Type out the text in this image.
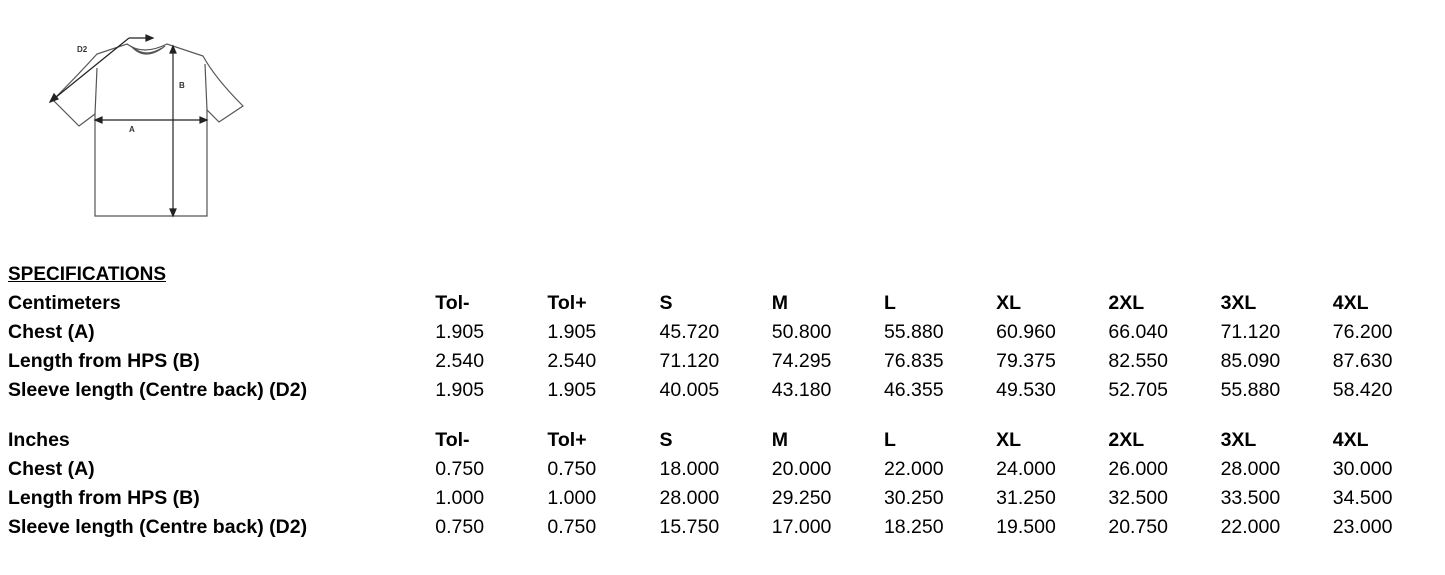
D2
A
B

SPECIFICATIONS

Centimeters	Tol-	Tol+	S	M	L	XL	2XL	3XL	4XL
Chest (A)	1.905	1.905	45.720	50.800	55.880	60.960	66.040	71.120	76.200
Length from HPS (B)	2.540	2.540	71.120	74.295	76.835	79.375	82.550	85.090	87.630
Sleeve length (Centre back) (D2)	1.905	1.905	40.005	43.180	46.355	49.530	52.705	55.880	58.420
Inches	Tol-	Tol+	S	M	L	XL	2XL	3XL	4XL
Chest (A)	0.750	0.750	18.000	20.000	22.000	24.000	26.000	28.000	30.000
Length from HPS (B)	1.000	1.000	28.000	29.250	30.250	31.250	32.500	33.500	34.500
Sleeve length (Centre back) (D2)	0.750	0.750	15.750	17.000	18.250	19.500	20.750	22.000	23.000
